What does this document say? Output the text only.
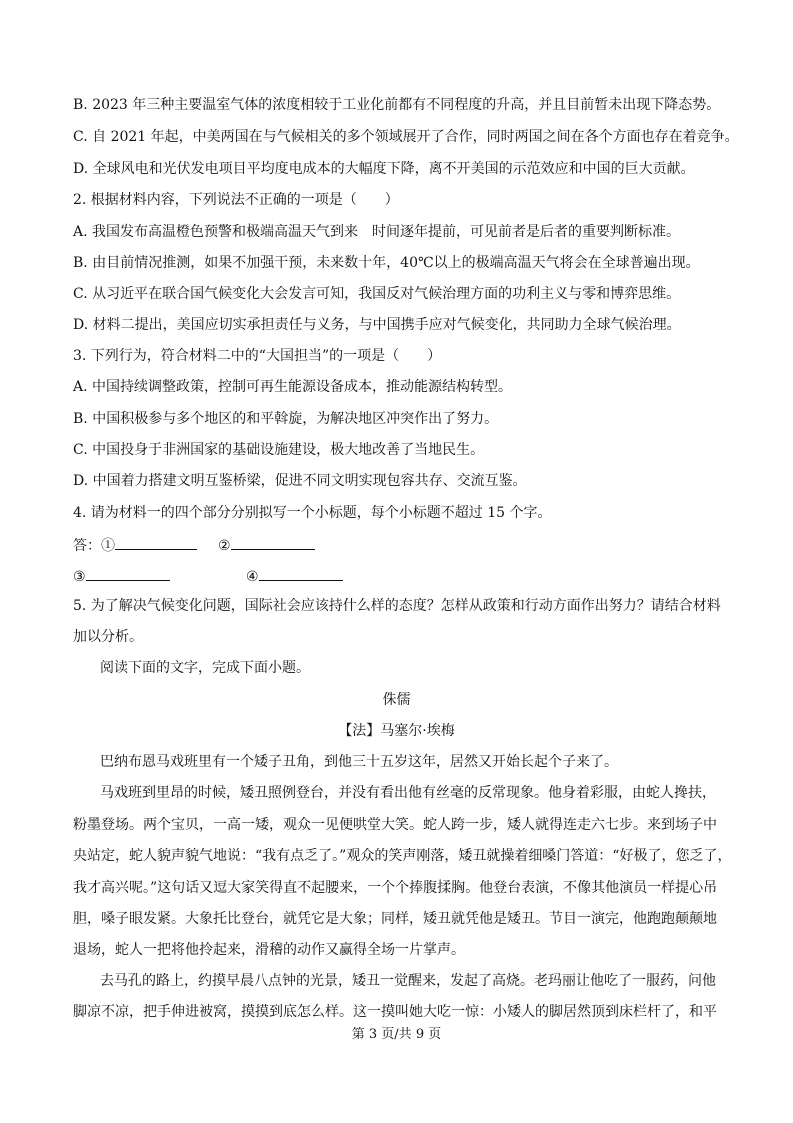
B. 2023 年三种主要温室气体的浓度相较于工业化前都有不同程度的升高，并且目前暂未出现下降态势。
C. 自 2021 年起，中美两国在与气候相关的多个领域展开了合作，同时两国之间在各个方面也存在着竞争。
D. 全球风电和光伏发电项目平均度电成本的大幅度下降，离不开美国的示范效应和中国的巨大贡献。
2. 根据材料内容，下列说法不正确的一项是（　　）
A. 我国发布高温橙色预警和极端高温天气到来　时间逐年提前，可见前者是后者的重要判断标准。
B. 由目前情况推测，如果不加强干预，未来数十年，40℃以上的极端高温天气将会在全球普遍出现。
C. 从习近平在联合国气候变化大会发言可知，我国反对气候治理方面的功利主义与零和博弈思维。
D. 材料二提出，美国应切实承担责任与义务，与中国携手应对气候变化，共同助力全球气候治理。
3. 下列行为，符合材料二中的“大国担当”的一项是（　　）
A. 中国持续调整政策，控制可再生能源设备成本，推动能源结构转型。
B. 中国积极参与多个地区的和平斡旋，为解决地区冲突作出了努力。
C. 中国投身于非洲国家的基础设施建设，极大地改善了当地民生。
D. 中国着力搭建文明互鉴桥梁，促进不同文明实现包容共存、交流互鉴。
4. 请为材料一的四个部分分别拟写一个小标题，每个小标题不超过 15 个字。
答：①	②
③	④
5. 为了解决气候变化问题，国际社会应该持什么样的态度？怎样从政策和行动方面作出努力？请结合材料
加以分析。
阅读下面的文字，完成下面小题。
侏儒
【法】马塞尔·埃梅
巴纳布恩马戏班里有一个矮子丑角，到他三十五岁这年，居然又开始长起个子来了。
马戏班到里昂的时候，矮丑照例登台，并没有看出他有丝毫的反常现象。他身着彩服，由蛇人搀扶，
粉墨登场。两个宝贝，一高一矮，观众一见便哄堂大笑。蛇人跨一步，矮人就得连走六七步。来到场子中
央站定，蛇人貌声貌气地说：“我有点乏了。”观众的笑声刚落，矮丑就操着细嗓门答道：“好极了，您乏了，
我才高兴呢。”这句话又逗大家笑得直不起腰来，一个个捧腹揉胸。他登台表演，不像其他演员一样提心吊
胆，嗓子眼发紧。大象托比登台，就凭它是大象；同样，矮丑就凭他是矮丑。节目一演完，他跑跑颠颠地
退场，蛇人一把将他拎起来，滑稽的动作又赢得全场一片掌声。
去马孔的路上，约摸早晨八点钟的光景，矮丑一觉醒来，发起了高烧。老玛丽让他吃了一服药，问他
脚凉不凉，把手伸进被窝，摸摸到底怎么样。这一摸叫她大吃一惊：小矮人的脚居然顶到床栏杆了，和平
第 3 页/共 9 页
